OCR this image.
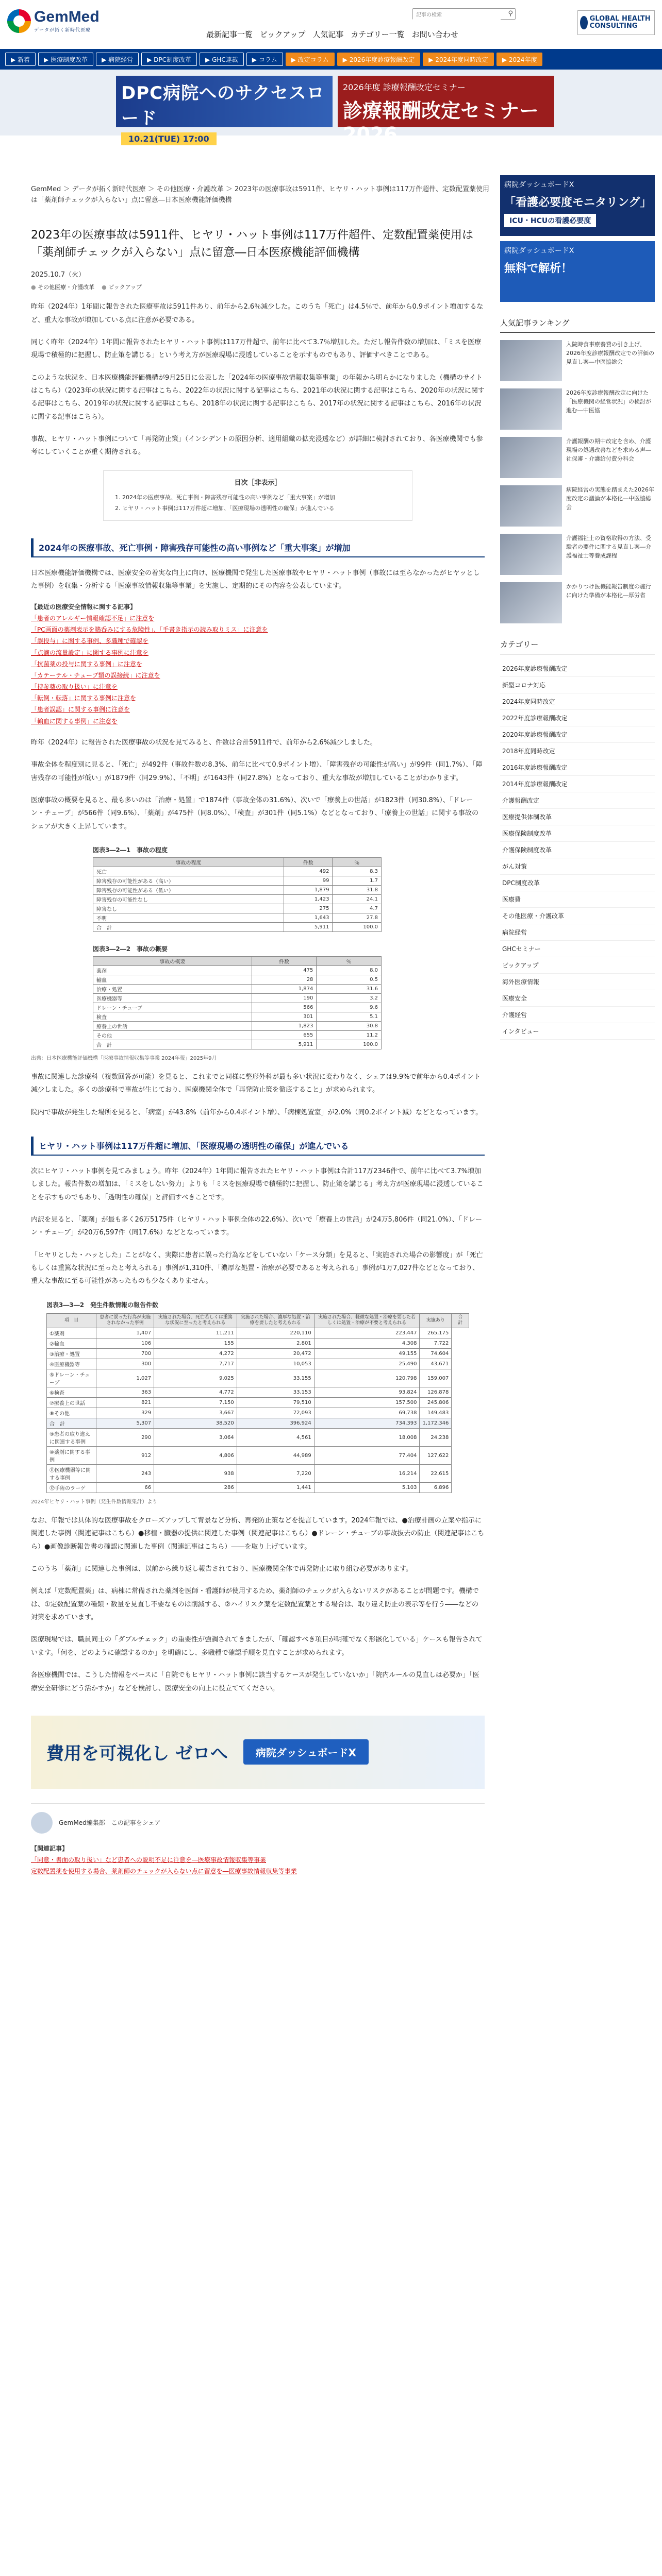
GemMed
データが拓く新時代医療
記事の検索
⚲
最新記事一覧 ピックアップ 人気記事 カテゴリー一覧 お問い合わせ
GLOBAL HEALTH CONSULTING
▶ 新着	▶ 医療制度改革	▶ 病院経営	▶ DPC制度改革	▶ GHC連載	▶ コラム	▶ 改定コラム	▶ 2026年度診療報酬改定	▶ 2024年度同時改定	▶ 2024年度
DPC病院へのサクセスロード
10.21(TUE) 17:00
2026年度 診療報酬改定セミナー
診療報酬改定セミナー2026
GemMed ＞ データが拓く新時代医療 ＞ その他医療・介護改革 ＞ 2023年の医療事故は5911件、ヒヤリ・ハット事例は117万件超件、定数配置薬使用は「薬剤師チェックが入らない」点に留意―日本医療機能評価機構
2023年の医療事故は5911件、ヒヤリ・ハット事例は117万件超件、定数配置薬使用は「薬剤師チェックが入らない」点に留意―日本医療機能評価機構
2025.10.7（火）
● その他医療・介護改革	● ピックアップ

昨年（2024年）1年間に報告された医療事故は5911件あり、前年から2.6％減少した。このうち「死亡」は4.5％で、前年から0.9ポイント増加するなど、重大な事故が増加している点に注意が必要である。

同じく昨年（2024年）1年間に報告されたヒヤリ・ハット事例は117万件超で、前年に比べて3.7％増加した。ただし報告件数の増加は、「ミスを医療現場で積極的に把握し、防止策を講じる」という考え方が医療現場に浸透していることを示すものでもあり、評価すべきことである。

このような状況を、日本医療機能評価機構が9月25日に公表した「2024年の医療事故情報収集等事業」の年報から明らかになりました（機構のサイトはこちら）（2023年の状況に関する記事はこちら、2022年の状況に関する記事はこちら、2021年の状況に関する記事はこちら、2020年の状況に関する記事はこちら、2019年の状況に関する記事はこちら、2018年の状況に関する記事はこちら、2017年の状況に関する記事はこちら、2016年の状況に関する記事はこちら）。

事故、ヒヤリ・ハット事例について「再発防止策」（インシデントの原因分析、適用組織の拡充浸透など）が詳細に検討されており、各医療機関でも参考にしていくことが重く期待される。

目次［非表示］
1. 2024年の医療事故、死亡事例・障害残存可能性の高い事例など「重大事案」が増加
2. ヒヤリ・ハット事例は117万件超に増加、「医療現場の透明性の確保」が進んでいる
2024年の医療事故、死亡事例・障害残存可能性の高い事例など「重大事案」が増加

日本医療機能評価機構では、医療安全の着実な向上に向け、医療機関で発生した医療事故やヒヤリ・ハット事例（事故には至らなかったがヒヤッとした事例）を収集・分析する「医療事故情報収集等事業」を実施し、定期的にその内容を公表しています。

【最近の医療安全情報に関する記事】
「患者のアレルギー情報確認不足」に注意を
「PC画面の薬剤表示を鵜呑みにする危険性」、「手書き指示の読み取りミス」に注意を
「誤投与」に関する事例、多職種で確認を
「点滴の流量設定」に関する事例に注意を
「抗菌薬の投与に関する事例」に注意を
「カテーテル・チューブ類の誤接続」に注意を
「持参薬の取り扱い」に注意を
「転倒・転落」に関する事例に注意を
「患者誤認」に関する事例に注意を
「輸血に関する事例」に注意を

昨年（2024年）に報告された医療事故の状況を見てみると、件数は合計5911件で、前年から2.6%減少しました。

事故全体を程度別に見ると、「死亡」が492件（事故件数の8.3%、前年に比べて0.9ポイント増）、「障害残存の可能性が高い」が99件（同1.7%）、「障害残存の可能性が低い」が1879件（同29.9%）、「不明」が1643件（同27.8%）となっており、重大な事故が増加していることがわかります。

医療事故の概要を見ると、最も多いのは「治療・処置」で1874件（事故全体の31.6%）、次いで「療養上の世話」が1823件（同30.8%）、「ドレーン・チューブ」が566件（同9.6%）、「薬剤」が475件（同8.0%）、「検査」が301件（同5.1%）などとなっており、「療養上の世話」に関する事故のシェアが大きく上昇しています。

図表3―2―1　事故の程度
事故の程度	件数	％
死亡	492	8.3
障害残存の可能性がある（高い）	99	1.7
障害残存の可能性がある（低い）	1,879	31.8
障害残存の可能性なし	1,423	24.1
障害なし	275	4.7
不明	1,643	27.8
合　計	5,911	100.0
図表3―2―2　事故の概要
事故の概要	件数	％
薬剤	475	8.0
輸血	28	0.5
治療・処置	1,874	31.6
医療機器等	190	3.2
ドレーン・チューブ	566	9.6
検査	301	5.1
療養上の世話	1,823	30.8
その他	655	11.2
合　計	5,911	100.0
出典：日本医療機能評価機構「医療事故情報収集等事業 2024年報」2025年9月

事故に関連した診療科（複数回答が可能）を見ると、これまでと同様に整形外科が最も多い状況に変わりなく、シェアは9.9%で前年から0.4ポイント減少しました。多くの診療科で事故が生じており、医療機関全体で「再発防止策を徹底すること」が求められます。

院内で事故が発生した場所を見ると、「病室」が43.8%（前年から0.4ポイント増）、「病棟処置室」が2.0%（同0.2ポイント減）などとなっています。

ヒヤリ・ハット事例は117万件超に増加、「医療現場の透明性の確保」が進んでいる

次にヒヤリ・ハット事例を見てみましょう。昨年（2024年）1年間に報告されたヒヤリ・ハット事例は合計117万2346件で、前年に比べて3.7%増加しました。報告件数の増加は、「ミスをしない努力」よりも「ミスを医療現場で積極的に把握し、防止策を講じる」考え方が医療現場に浸透していることを示すものでもあり、「透明性の確保」と評価すべきことです。

内訳を見ると、「薬剤」が最も多く26万5175件（ヒヤリ・ハット事例全体の22.6%）、次いで「療養上の世話」が24万5,806件（同21.0%）、「ドレーン・チューブ」が20万6,597件（同17.6%）などとなっています。

「ヒヤリとした・ハッとした」ことがなく、実際に患者に誤った行為などをしていない「ケース分類」を見ると、「実施された場合の影響度」が「死亡もしくは重篤な状況に至ったと考えられる」事例が1,310件、「濃厚な処置・治療が必要であると考えられる」事例が1万7,027件などとなっており、重大な事故に至る可能性があったものも少なくありません。

図表3―3―2　発生件数情報の報告件数
項　目	患者に誤った行為が実施されなかった事例	実施された場合、死亡若しくは重篤な状況に至ったと考えられる	実施された場合、濃厚な処置・治療を要したと考えられる	実施された場合、軽微な処置・治療を要した若しくは処置・治療が不要と考えられる	実施あり	合　計
①薬剤	1,407	11,211	220,110	223,447	265,175	
②輸血	106	155	2,801	4,308	7,722	
③治療・処置	700	4,272	20,472	49,155	74,604	
④医療機器等	300	7,717	10,053	25,490	43,671	
⑤ドレーン・チューブ	1,027	9,025	33,155	120,798	159,007	
⑥検査	363	4,772	33,153	93,824	126,878	
⑦療養上の世話	821	7,150	79,510	157,500	245,806	
⑧その他	329	3,667	72,093	69,738	149,483	
合　計	5,307	38,520	396,924	734,393	1,172,346	
⑨患者の取り違えに関連する事例	290	3,064	4,561	18,008	24,238	
⑩薬剤に関する事例	912	4,806	44,989	77,404	127,622	
⑪医療機器等に関する事例	243	938	7,220	16,214	22,615	
⑫手術のラーゲ	66	286	1,441	5,103	6,896	
2024年ヒヤリ・ハット事例（発生件数情報集計）より

なお、年報では具体的な医療事故をクローズアップして背景など分析、再発防止策などを提言しています。2024年報では、●治療計画の立案や指示に関連した事例（関連記事はこちら）●移植・臓器の提供に関連した事例（関連記事はこちら）●ドレーン・チューブの事故抜去の防止（関連記事はこちら）●画像診断報告書の確認に関連した事例（関連記事はこちら）――を取り上げています。

このうち「薬剤」に関連した事例は、以前から繰り返し報告されており、医療機関全体で再発防止に取り組む必要があります。

例えば「定数配置薬」は、病棟に常備された薬剤を医師・看護師が使用するため、薬剤師のチェックが入らないリスクがあることが問題です。機構では、①定数配置薬の種類・数量を見直し不要なものは削減する、②ハイリスク薬を定数配置薬とする場合は、取り違え防止の表示等を行う――などの対策を求めています。

医療現場では、職員同士の「ダブルチェック」の重要性が強調されてきましたが、「確認すべき項目が明確でなく形骸化している」ケースも報告されています。「何を、どのように確認するのか」を明確にし、多職種で確認手順を見直すことが求められます。

各医療機関では、こうした情報をベースに「自院でもヒヤリ・ハット事例に該当するケースが発生していないか」「院内ルールの見直しは必要か」「医療安全研修にどう活かすか」などを検討し、医療安全の向上に役立ててください。

費用を可視化し ゼロへ	病院ダッシュボードX
GemMed編集部 この記事をシェア
【関連記事】
「同意・書面の取り扱い」など患者への説明不足に注意を―医療事故情報収集等事業
定数配置薬を使用する場合、薬剤師のチェックが入らない点に留意を―医療事故情報収集等事業
病院ダッシュボードX
「看護必要度モニタリング」
ICU・HCUの看護必要度
病院ダッシュボードX
無料で解析！
人気記事ランキング
入院時食事療養費の引き上げ、2026年度診療報酬改定での評価の見直し案―中医協総会
2026年度診療報酬改定に向けた「医療機関の経営状況」の検討が進む―中医協
介護報酬の期中改定を含め、介護現場の処遇改善などを求める声―社保審・介護給付費分科会
病院経営の実態を踏まえた2026年度改定の議論が本格化―中医協総会
介護福祉士の資格取得の方法、受験者の要件に関する見直し案―介護福祉士等養成課程
かかりつけ医機能報告制度の施行に向けた準備が本格化―厚労省
カテゴリー
2026年度診療報酬改定
新型コロナ対応
2024年度同時改定
2022年度診療報酬改定
2020年度診療報酬改定
2018年度同時改定
2016年度診療報酬改定
2014年度診療報酬改定
介護報酬改定
医療提供体制改革
医療保険制度改革
介護保険制度改革
がん対策
DPC制度改革
医療費
その他医療・介護改革
病院経営
GHCセミナー
ピックアップ
海外医療情報
医療安全
介護経営
インタビュー
